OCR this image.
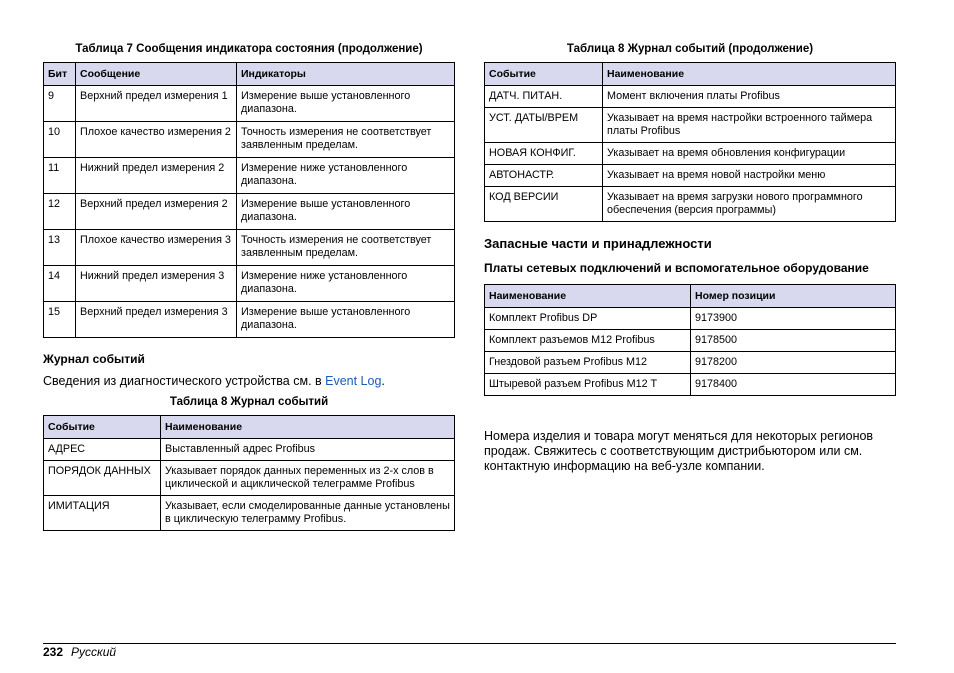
Таблица 7 Сообщения индикатора состояния (продолжение)
Бит	Сообщение	Индикаторы
9	Верхний предел измерения 1	Измерение выше установленного диапазона.
10	Плохое качество измерения 2	Точность измерения не соответствует заявленным пределам.
11	Нижний предел измерения 2	Измерение ниже установленного диапазона.
12	Верхний предел измерения 2	Измерение выше установленного диапазона.
13	Плохое качество измерения 3	Точность измерения не соответствует заявленным пределам.
14	Нижний предел измерения 3	Измерение ниже установленного диапазона.
15	Верхний предел измерения 3	Измерение выше установленного диапазона.
Журнал событий
Сведения из диагностического устройства см. в Event Log.
Таблица 8 Журнал событий
Событие	Наименование
АДРЕС	Выставленный адрес Profibus
ПОРЯДОК ДАННЫХ	Указывает порядок данных переменных из 2-х слов в циклической и ациклической телеграмме Profibus
ИМИТАЦИЯ	Указывает, если смоделированные данные установлены в циклическую телеграмму Profibus.
Таблица 8 Журнал событий (продолжение)
Событие	Наименование
ДАТЧ. ПИТАН.	Момент включения платы Profibus
УСТ. ДАТЫ/ВРЕМ	Указывает на время настройки встроенного таймера платы Profibus
НОВАЯ КОНФИГ.	Указывает на время обновления конфигурации
АВТОНАСТР.	Указывает на время новой настройки меню
КОД ВЕРСИИ	Указывает на время загрузки нового программного обеспечения (версия программы)
Запасные части и принадлежности
Платы сетевых подключений и вспомогательное оборудование
Наименование	Номер позиции
Комплект Profibus DP	9173900
Комплект разъемов M12 Profibus	9178500
Гнездовой разъем Profibus M12	9178200
Штыревой разъем Profibus M12 T	9178400
Номера изделия и товара могут меняться для некоторых регионов продаж. Свяжитесь с соответствующим дистрибьютором или см. контактную информацию на веб-узле компании.
232 Русский
